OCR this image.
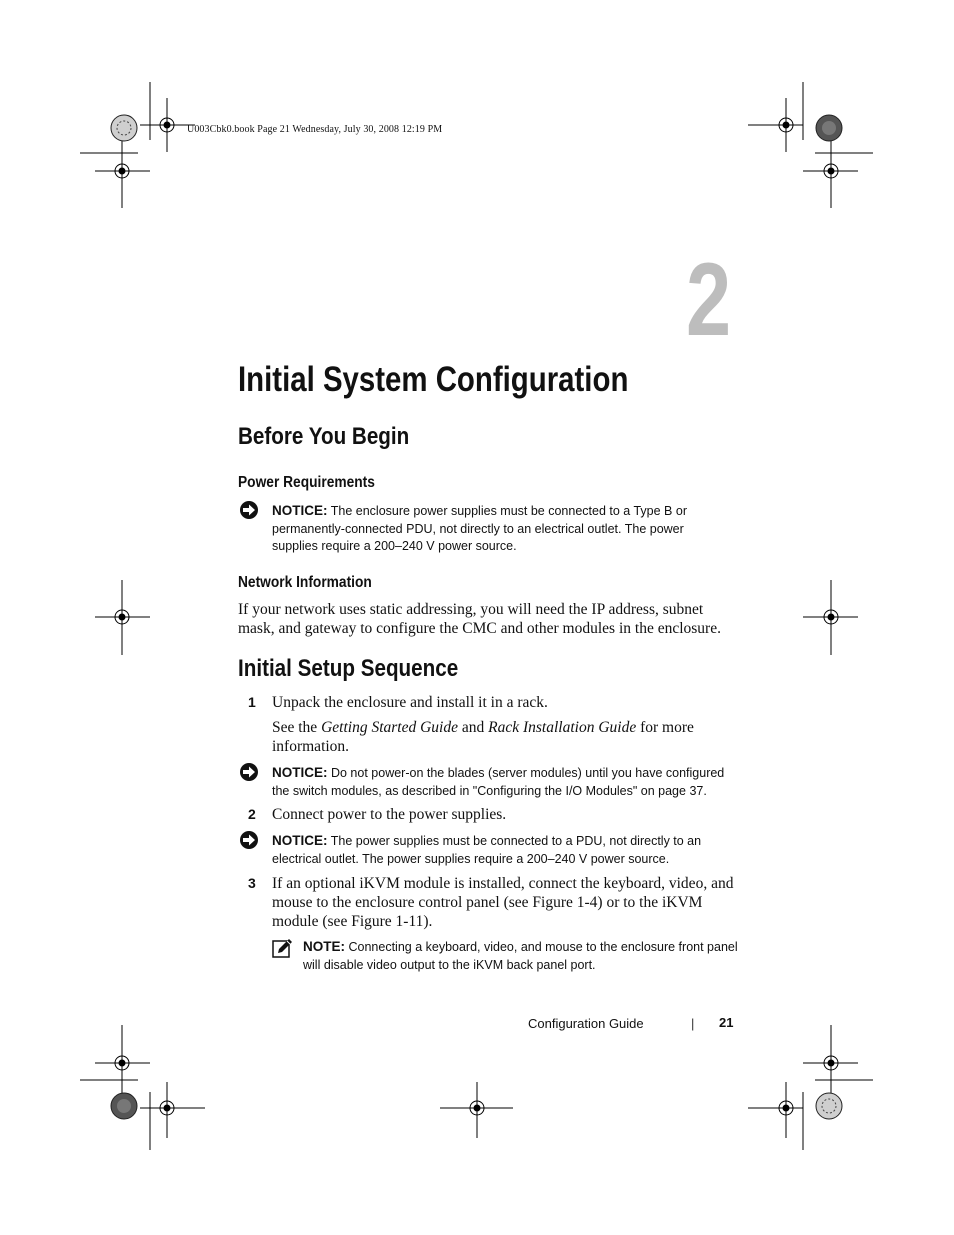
U003Cbk0.book Page 21 Wednesday, July 30, 2008 12:19 PM
2
Initial System Configuration
Before You Begin
Power Requirements
NOTICE: The enclosure power supplies must be connected to a Type B or
permanently-connected PDU, not directly to an electrical outlet. The power
supplies require a 200–240 V power source.
Network Information
If your network uses static addressing, you will need the IP address, subnet
mask, and gateway to configure the CMC and other modules in the enclosure.
Initial Setup Sequence
1 Unpack the enclosure and install it in a rack.
See the Getting Started Guide and Rack Installation Guide for more
information.
NOTICE: Do not power-on the blades (server modules) until you have configured
the switch modules, as described in "Configuring the I/O Modules" on page 37.
2 Connect power to the power supplies.
NOTICE: The power supplies must be connected to a PDU, not directly to an
electrical outlet. The power supplies require a 200–240 V power source.
3 If an optional iKVM module is installed, connect the keyboard, video, and
mouse to the enclosure control panel (see Figure 1-4) or to the iKVM
module (see Figure 1-11).
NOTE: Connecting a keyboard, video, and mouse to the enclosure front panel
will disable video output to the iKVM back panel port.
Configuration Guide	| 21
